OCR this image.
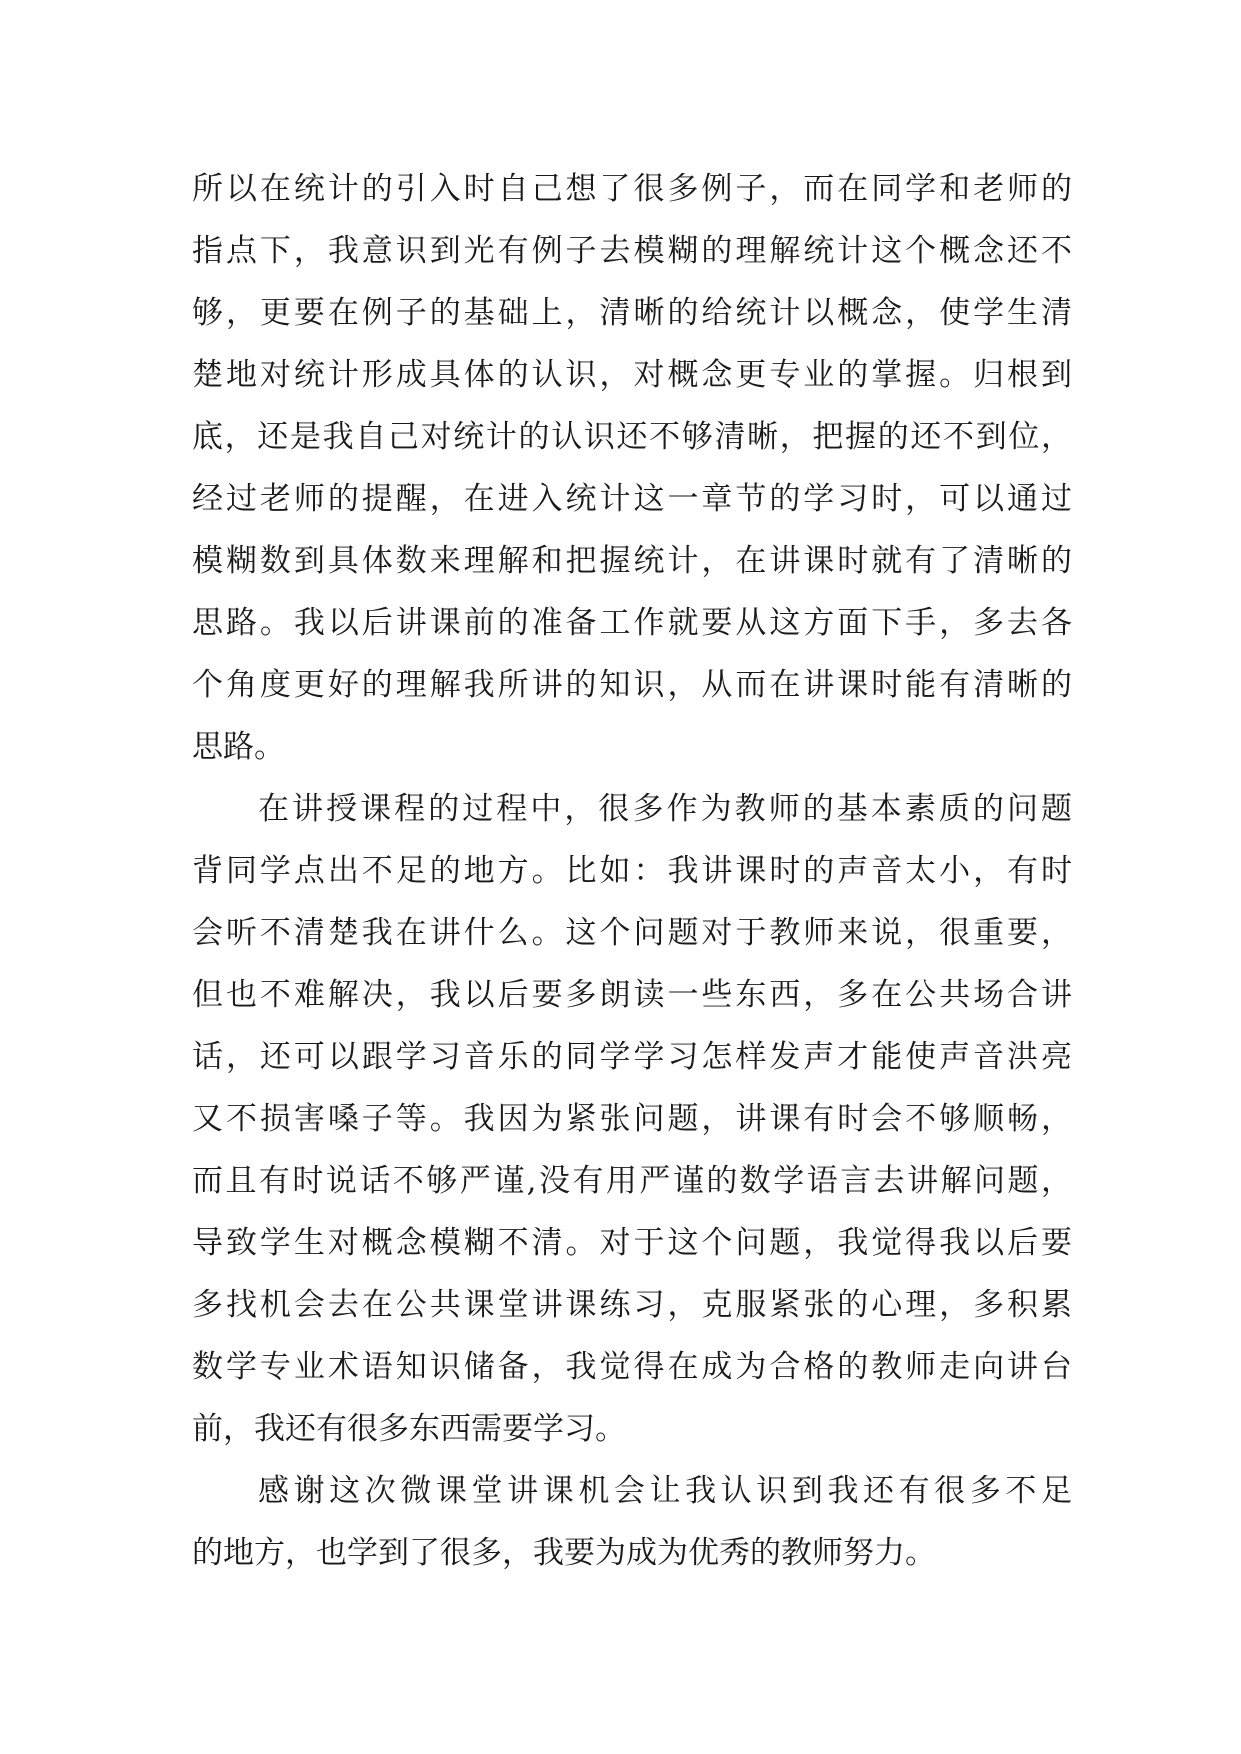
所以在统计的引入时自己想了很多例子，而在同学和老师的
指点下，我意识到光有例子去模糊的理解统计这个概念还不
够，更要在例子的基础上，清晰的给统计以概念，使学生清
楚地对统计形成具体的认识，对概念更专业的掌握。归根到
底，还是我自己对统计的认识还不够清晰，把握的还不到位，
经过老师的提醒，在进入统计这一章节的学习时，可以通过
模糊数到具体数来理解和把握统计，在讲课时就有了清晰的
思路。我以后讲课前的准备工作就要从这方面下手，多去各
个角度更好的理解我所讲的知识，从而在讲课时能有清晰的
思路。
在讲授课程的过程中，很多作为教师的基本素质的问题
背同学点出不足的地方。比如：我讲课时的声音太小，有时
会听不清楚我在讲什么。这个问题对于教师来说，很重要，
但也不难解决，我以后要多朗读一些东西，多在公共场合讲
话，还可以跟学习音乐的同学学习怎样发声才能使声音洪亮
又不损害嗓子等。我因为紧张问题，讲课有时会不够顺畅，
而且有时说话不够严谨,没有用严谨的数学语言去讲解问题，
导致学生对概念模糊不清。对于这个问题，我觉得我以后要
多找机会去在公共课堂讲课练习，克服紧张的心理，多积累
数学专业术语知识储备，我觉得在成为合格的教师走向讲台
前，我还有很多东西需要学习。
感谢这次微课堂讲课机会让我认识到我还有很多不足
的地方，也学到了很多，我要为成为优秀的教师努力。
